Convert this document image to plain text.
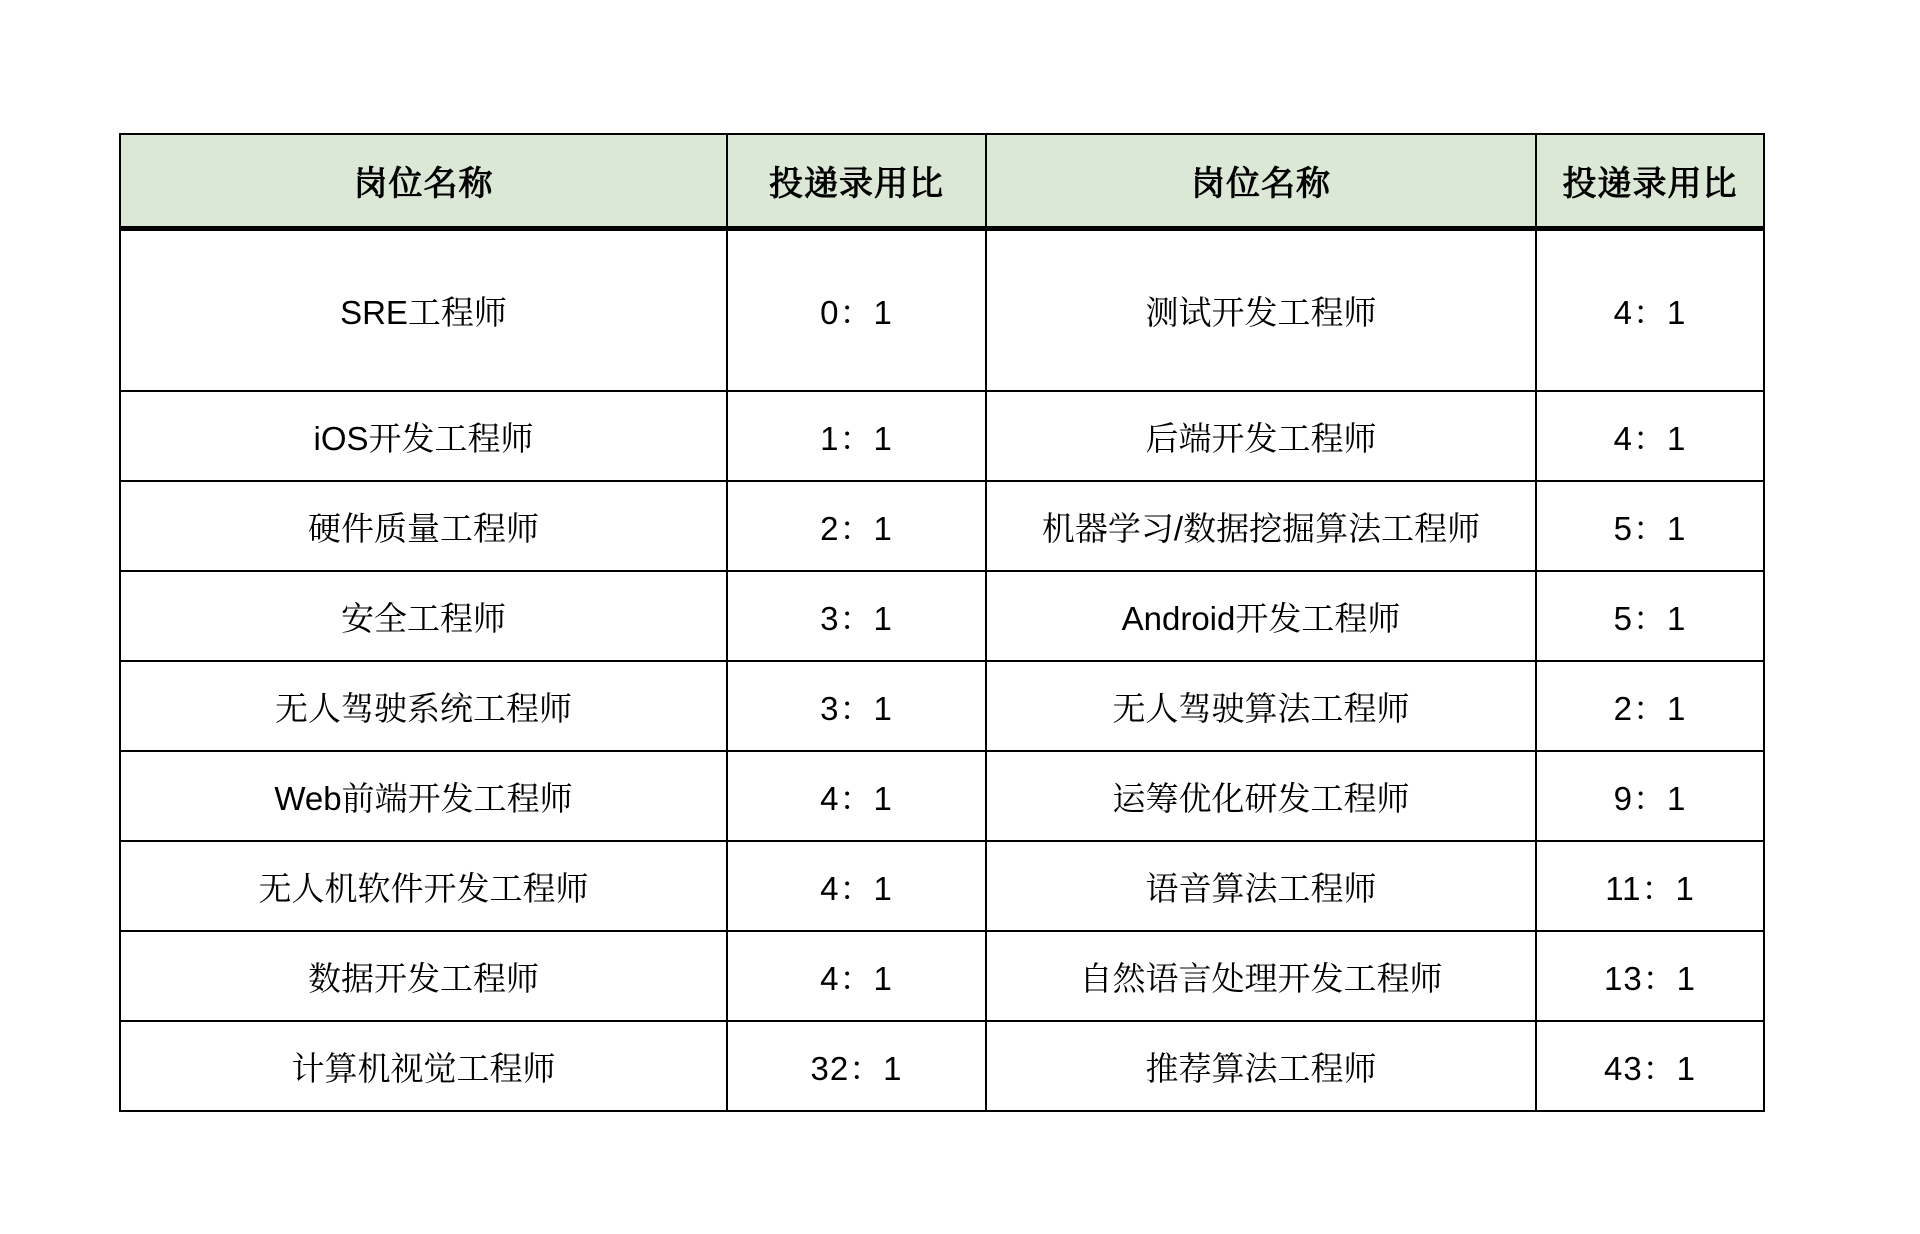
岗位名称	投递录用比	岗位名称	投递录用比
SRE工程师	0：1	测试开发工程师	4：1
iOS开发工程师	1：1	后端开发工程师	4：1
硬件质量工程师	2：1	机器学习/数据挖掘算法工程师	5：1
安全工程师	3：1	Android开发工程师	5：1
无人驾驶系统工程师	3：1	无人驾驶算法工程师	2：1
Web前端开发工程师	4：1	运筹优化研发工程师	9：1
无人机软件开发工程师	4：1	语音算法工程师	11：1
数据开发工程师	4：1	自然语言处理开发工程师	13：1
计算机视觉工程师	32：1	推荐算法工程师	43：1
